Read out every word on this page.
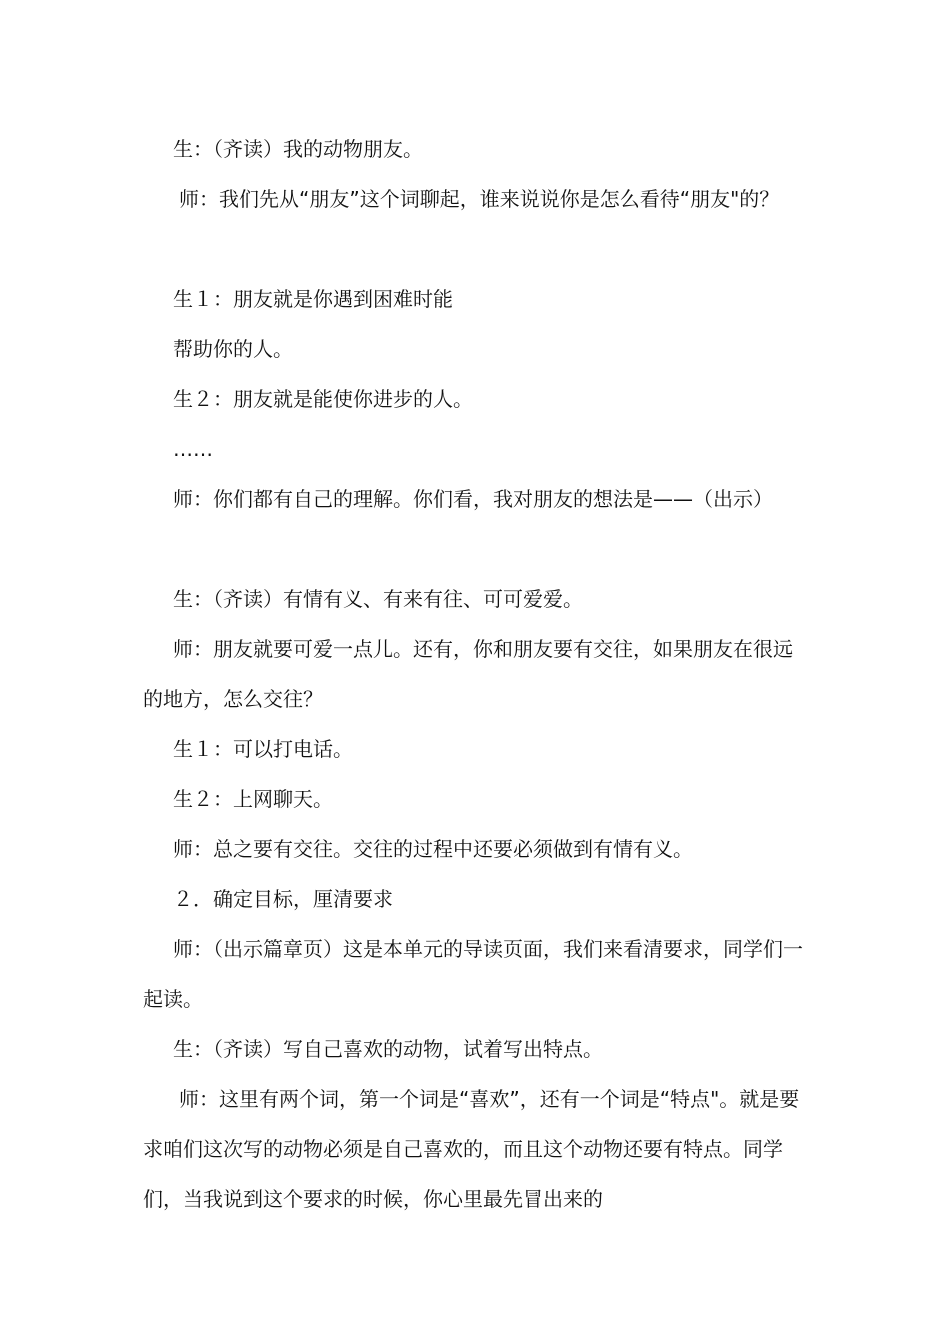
生：（齐读）我的动物朋友。

师：我们先从“朋友”这个词聊起，谁来说说你是怎么看待“朋友"的？

生１：朋友就是你遇到困难时能

帮助你的人。

生２：朋友就是能使你进步的人。

……

师：你们都有自己的理解。你们看，我对朋友的想法是——（出示）

生：（齐读）有情有义、有来有往、可可爱爱。

师：朋友就要可爱一点儿。还有，你和朋友要有交往，如果朋友在很远的地方，怎么交往？

生１：可以打电话。

生２：上网聊天。

师：总之要有交往。交往的过程中还要必须做到有情有义。

２．确定目标，厘清要求

师：（出示篇章页）这是本单元的导读页面，我们来看清要求，同学们一起读。

生：（齐读）写自己喜欢的动物，试着写出特点。

师：这里有两个词，第一个词是“喜欢”，还有一个词是“特点"。就是要求咱们这次写的动物必须是自己喜欢的，而且这个动物还要有特点。同学们，当我说到这个要求的时候，你心里最先冒出来的
